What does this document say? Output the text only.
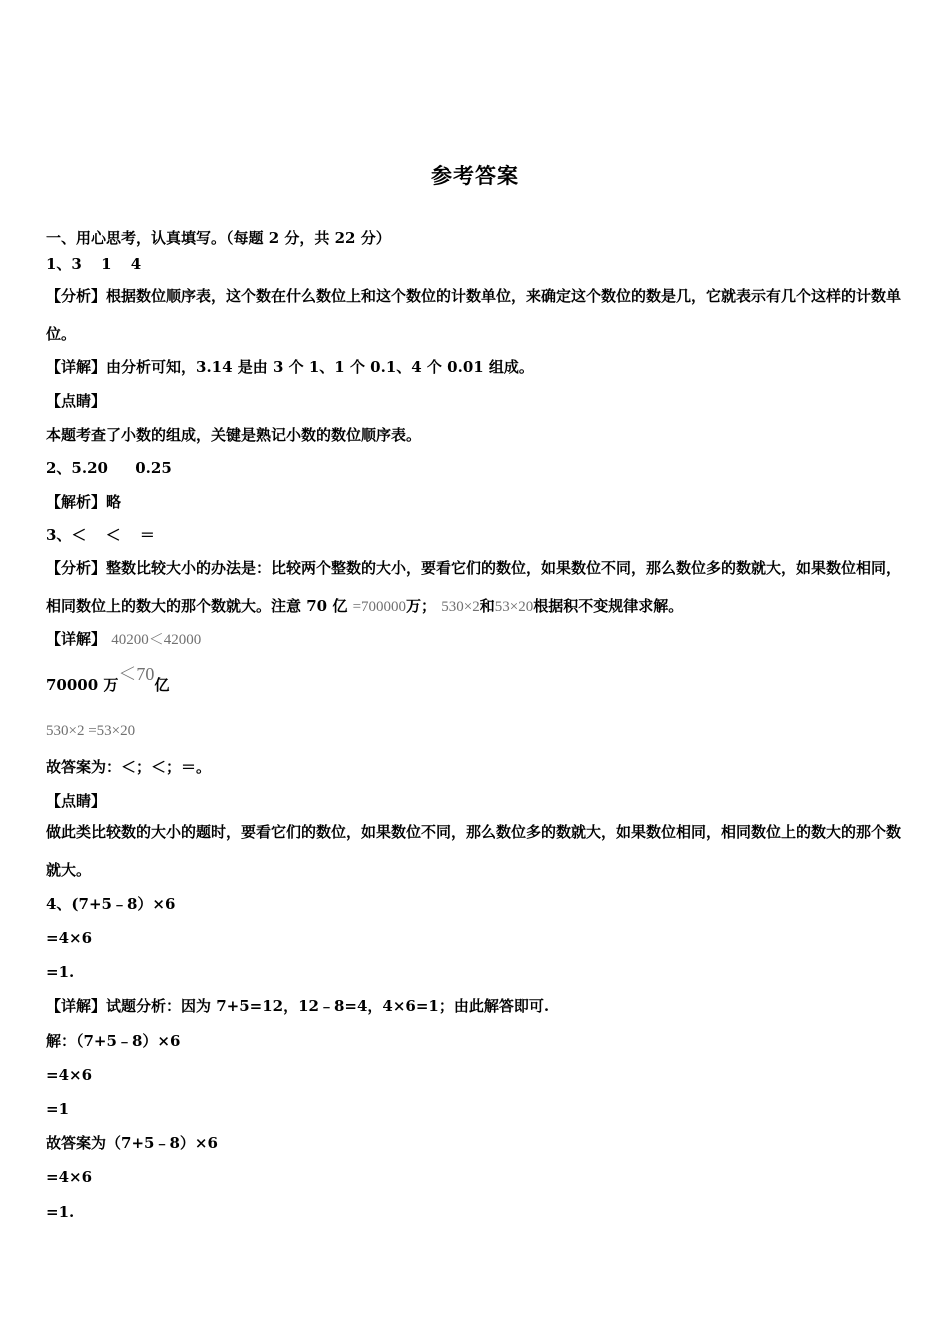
参考答案
一、用心思考，认真填写。（每题 2 分，共 22 分）
1、3 1 4
【分析】根据数位顺序表，这个数在什么数位上和这个数位的计数单位，来确定这个数位的数是几，它就表示有几个这样的计数单位。
【详解】由分析可知，3.14 是由 3 个 1、1 个 0.1、4 个 0.01 组成。
【点睛】
本题考查了小数的组成，关键是熟记小数的数位顺序表。
2、5.20 0.25
【解析】略
3、＜ ＜ ＝
【分析】整数比较大小的办法是：比较两个整数的大小，要看它们的数位，如果数位不同，那么数位多的数就大，如果数位相同，相同数位上的数大的那个数就大。注意 70 亿 =700000万； 530×2和53×20根据积不变规律求解。
【详解】 40200＜42000
70000 万＜70亿
530×2 =53×20
故答案为：＜；＜；＝。
【点睛】
做此类比较数的大小的题时，要看它们的数位，如果数位不同，那么数位多的数就大，如果数位相同，相同数位上的数大的那个数就大。
4、(7+5﹣8）×6
=4×6
=1.
【详解】试题分析：因为 7+5=12，12﹣8=4，4×6=1；由此解答即可.
解：（7+5﹣8）×6
=4×6
=1
故答案为（7+5﹣8）×6
=4×6
=1.
